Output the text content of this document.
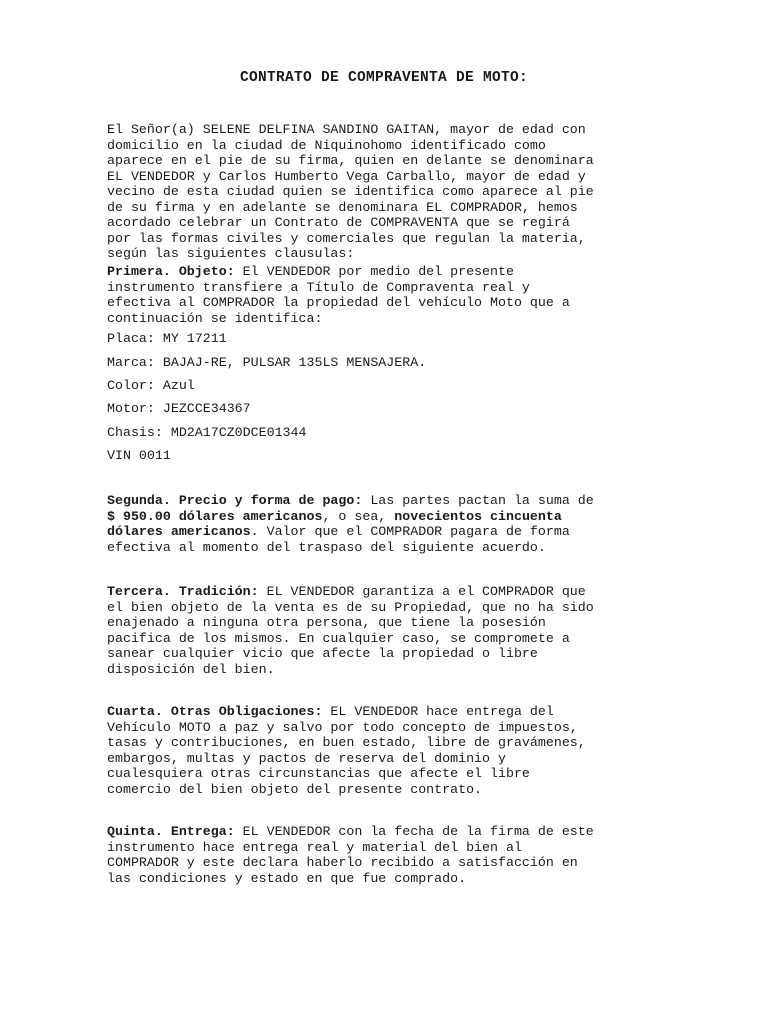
CONTRATO DE COMPRAVENTA DE MOTO:
El Señor(a) SELENE DELFINA SANDINO GAITAN, mayor de edad con
domicilio en la ciudad de Niquinohomo identificado como
aparece en el pie de su firma, quien en delante se denominara
EL VENDEDOR y Carlos Humberto Vega Carballo, mayor de edad y
vecino de esta ciudad quien se identifica como aparece al pie
de su firma y en adelante se denominara EL COMPRADOR, hemos
acordado celebrar un Contrato de COMPRAVENTA que se regirá
por las formas civiles y comerciales que regulan la materia,
según las siguientes clausulas:
Primera. Objeto: El VENDEDOR por medio del presente
instrumento transfiere a Título de Compraventa real y
efectiva al COMPRADOR la propiedad del vehículo Moto que a
continuación se identifica:
Placa: MY 17211
Marca: BAJAJ-RE, PULSAR 135LS MENSAJERA.
Color: Azul
Motor: JEZCCE34367
Chasis: MD2A17CZ0DCE01344
VIN 0011
Segunda. Precio y forma de pago: Las partes pactan la suma de
$ 950.00 dólares americanos, o sea, novecientos cincuenta
dólares americanos. Valor que el COMPRADOR pagara de forma
efectiva al momento del traspaso del siguiente acuerdo.
Tercera. Tradición: EL VENDEDOR garantiza a el COMPRADOR que
el bien objeto de la venta es de su Propiedad, que no ha sido
enajenado a ninguna otra persona, que tiene la posesión
pacifica de los mismos. En cualquier caso, se compromete a
sanear cualquier vicio que afecte la propiedad o libre
disposición del bien.
Cuarta. Otras Obligaciones: EL VENDEDOR hace entrega del
Vehículo MOTO a paz y salvo por todo concepto de impuestos,
tasas y contribuciones, en buen estado, libre de gravámenes,
embargos, multas y pactos de reserva del dominio y
cualesquiera otras circunstancias que afecte el libre
comercio del bien objeto del presente contrato.
Quinta. Entrega: EL VENDEDOR con la fecha de la firma de este
instrumento hace entrega real y material del bien al
COMPRADOR y este declara haberlo recibido a satisfacción en
las condiciones y estado en que fue comprado.
